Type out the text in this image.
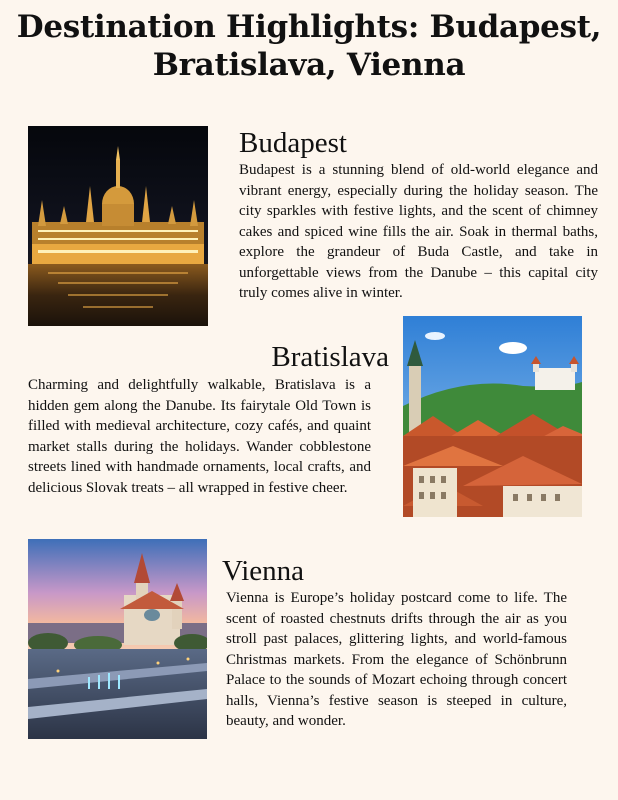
Destination Highlights: Budapest, Bratislava, Vienna
Budapest
Budapest is a stunning blend of old-world elegance and vibrant energy, especially during the holiday season. The city sparkles with festive lights, and the scent of chimney cakes and spiced wine fills the air. Soak in thermal baths, explore the grandeur of Buda Castle, and take in unforgettable views from the Danube – this capital city truly comes alive in winter.
Bratislava
Charming and delightfully walkable, Bratislava is a hidden gem along the Danube. Its fairytale Old Town is filled with medieval architecture, cozy cafés, and quaint market stalls during the holidays. Wander cobblestone streets lined with handmade ornaments, local crafts, and delicious Slovak treats – all wrapped in festive cheer.
Vienna
Vienna is Europe’s holiday postcard come to life. The scent of roasted chestnuts drifts through the air as you stroll past palaces, glittering lights, and world-famous Christmas markets. From the elegance of Schönbrunn Palace to the sounds of Mozart echoing through concert halls, Vienna’s festive season is steeped in culture, beauty, and wonder.
